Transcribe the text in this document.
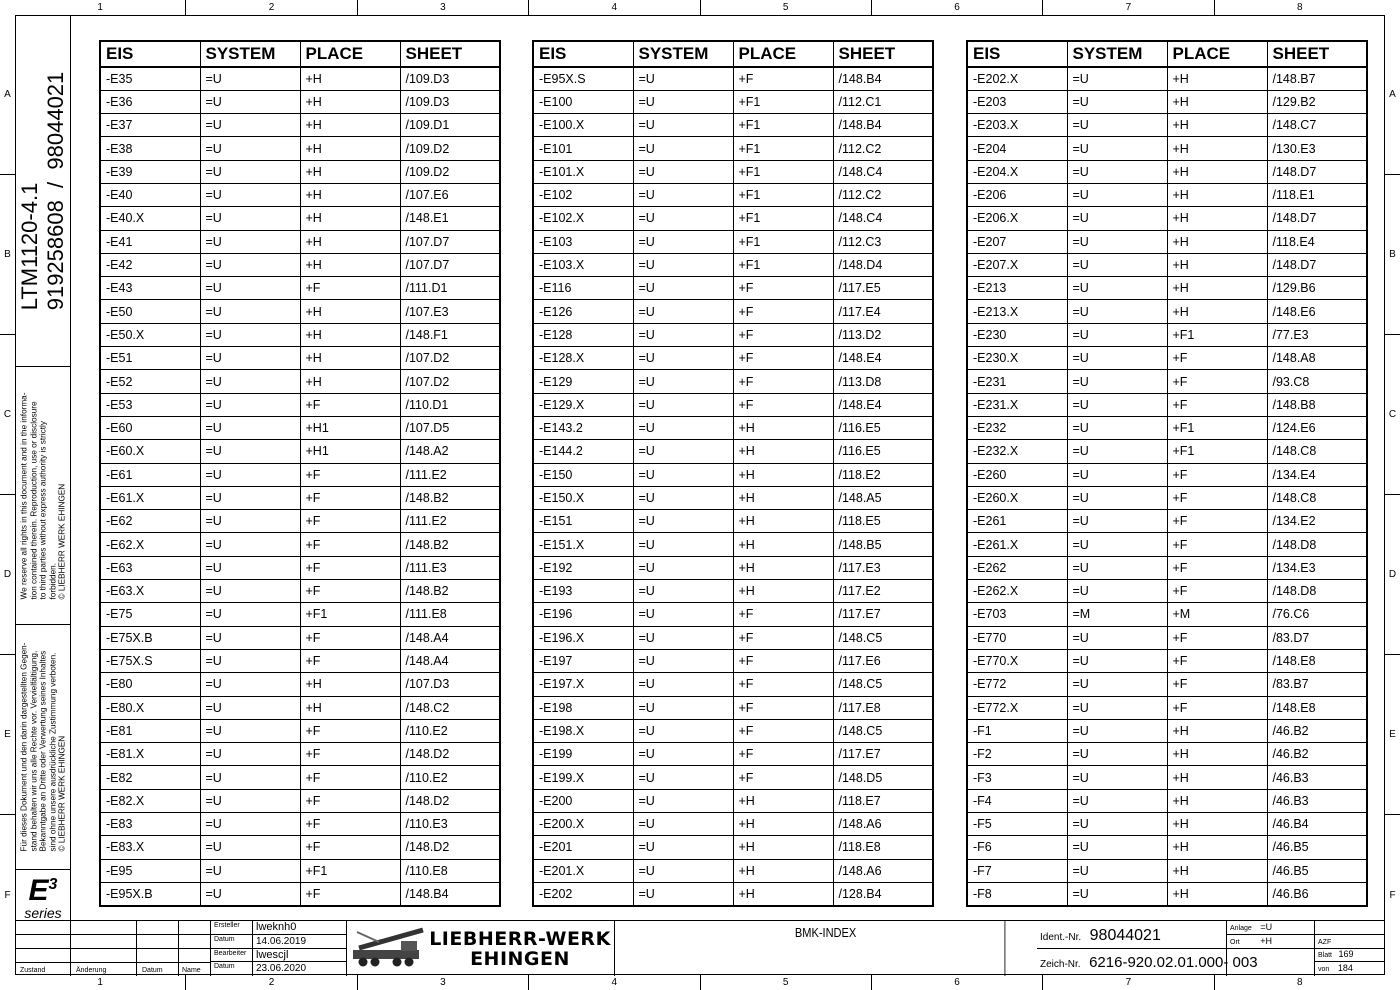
1	2	3	4	5	6	7	8
1	2	3	4	5	6	7	8
A
B
C
D
E
F
A
B
C
D
E
F
LTM1120-4.1 919258608  /  98044021
We reserve all rights in this document and in the informa- tion contained therein. Reproduction, use or disclosure to third parties without express authority is strictly forbidden. © LIEBHERR WERK EHINGEN
Für dieses Dokument und den darin dargestellten Gegen- stand behalten wir uns alle Rechte vor. Vervielfältigung, Bekanntgabe an Dritte oder Verwertung seines Inhaltes sind ohne unsere ausdrückliche Zustimmung verboten. © LIEBHERR WERK EHINGEN
$E^3$
series
EIS	SYSTEM	PLACE	SHEET
-E35	=U	+H	/109.D3
-E36	=U	+H	/109.D3
-E37	=U	+H	/109.D1
-E38	=U	+H	/109.D2
-E39	=U	+H	/109.D2
-E40	=U	+H	/107.E6
-E40.X	=U	+H	/148.E1
-E41	=U	+H	/107.D7
-E42	=U	+H	/107.D7
-E43	=U	+F	/111.D1
-E50	=U	+H	/107.E3
-E50.X	=U	+H	/148.F1
-E51	=U	+H	/107.D2
-E52	=U	+H	/107.D2
-E53	=U	+F	/110.D1
-E60	=U	+H1	/107.D5
-E60.X	=U	+H1	/148.A2
-E61	=U	+F	/111.E2
-E61.X	=U	+F	/148.B2
-E62	=U	+F	/111.E2
-E62.X	=U	+F	/148.B2
-E63	=U	+F	/111.E3
-E63.X	=U	+F	/148.B2
-E75	=U	+F1	/111.E8
-E75X.B	=U	+F	/148.A4
-E75X.S	=U	+F	/148.A4
-E80	=U	+H	/107.D3
-E80.X	=U	+H	/148.C2
-E81	=U	+F	/110.E2
-E81.X	=U	+F	/148.D2
-E82	=U	+F	/110.E2
-E82.X	=U	+F	/148.D2
-E83	=U	+F	/110.E3
-E83.X	=U	+F	/148.D2
-E95	=U	+F1	/110.E8
-E95X.B	=U	+F	/148.B4
EIS	SYSTEM	PLACE	SHEET
-E95X.S	=U	+F	/148.B4
-E100	=U	+F1	/112.C1
-E100.X	=U	+F1	/148.B4
-E101	=U	+F1	/112.C2
-E101.X	=U	+F1	/148.C4
-E102	=U	+F1	/112.C2
-E102.X	=U	+F1	/148.C4
-E103	=U	+F1	/112.C3
-E103.X	=U	+F1	/148.D4
-E116	=U	+F	/117.E5
-E126	=U	+F	/117.E4
-E128	=U	+F	/113.D2
-E128.X	=U	+F	/148.E4
-E129	=U	+F	/113.D8
-E129.X	=U	+F	/148.E4
-E143.2	=U	+H	/116.E5
-E144.2	=U	+H	/116.E5
-E150	=U	+H	/118.E2
-E150.X	=U	+H	/148.A5
-E151	=U	+H	/118.E5
-E151.X	=U	+H	/148.B5
-E192	=U	+H	/117.E3
-E193	=U	+H	/117.E2
-E196	=U	+F	/117.E7
-E196.X	=U	+F	/148.C5
-E197	=U	+F	/117.E6
-E197.X	=U	+F	/148.C5
-E198	=U	+F	/117.E8
-E198.X	=U	+F	/148.C5
-E199	=U	+F	/117.E7
-E199.X	=U	+F	/148.D5
-E200	=U	+H	/118.E7
-E200.X	=U	+H	/148.A6
-E201	=U	+H	/118.E8
-E201.X	=U	+H	/148.A6
-E202	=U	+H	/128.B4
EIS	SYSTEM	PLACE	SHEET
-E202.X	=U	+H	/148.B7
-E203	=U	+H	/129.B2
-E203.X	=U	+H	/148.C7
-E204	=U	+H	/130.E3
-E204.X	=U	+H	/148.D7
-E206	=U	+H	/118.E1
-E206.X	=U	+H	/148.D7
-E207	=U	+H	/118.E4
-E207.X	=U	+H	/148.D7
-E213	=U	+H	/129.B6
-E213.X	=U	+H	/148.E6
-E230	=U	+F1	/77.E3
-E230.X	=U	+F	/148.A8
-E231	=U	+F	/93.C8
-E231.X	=U	+F	/148.B8
-E232	=U	+F1	/124.E6
-E232.X	=U	+F1	/148.C8
-E260	=U	+F	/134.E4
-E260.X	=U	+F	/148.C8
-E261	=U	+F	/134.E2
-E261.X	=U	+F	/148.D8
-E262	=U	+F	/134.E3
-E262.X	=U	+F	/148.D8
-E703	=M	+M	/76.C6
-E770	=U	+F	/83.D7
-E770.X	=U	+F	/148.E8
-E772	=U	+F	/83.B7
-E772.X	=U	+F	/148.E8
-F1	=U	+H	/46.B2
-F2	=U	+H	/46.B2
-F3	=U	+H	/46.B3
-F4	=U	+H	/46.B3
-F5	=U	+H	/46.B4
-F6	=U	+H	/46.B5
-F7	=U	+H	/46.B5
-F8	=U	+H	/46.B6
Zustand	Änderung	Datum	Name
Ersteller	lweknh0
Datum	14.06.2019
Bearbeiter lwescjl
Datum	23.06.2020
LIEBHERR-WERK
EHINGEN
BMK-INDEX	Ident.-Nr. 98044021
Zeich-Nr. 6216-920.02.01.000- 003
Anlage =U
Ort +H	AZF
Blatt 169
von 184
